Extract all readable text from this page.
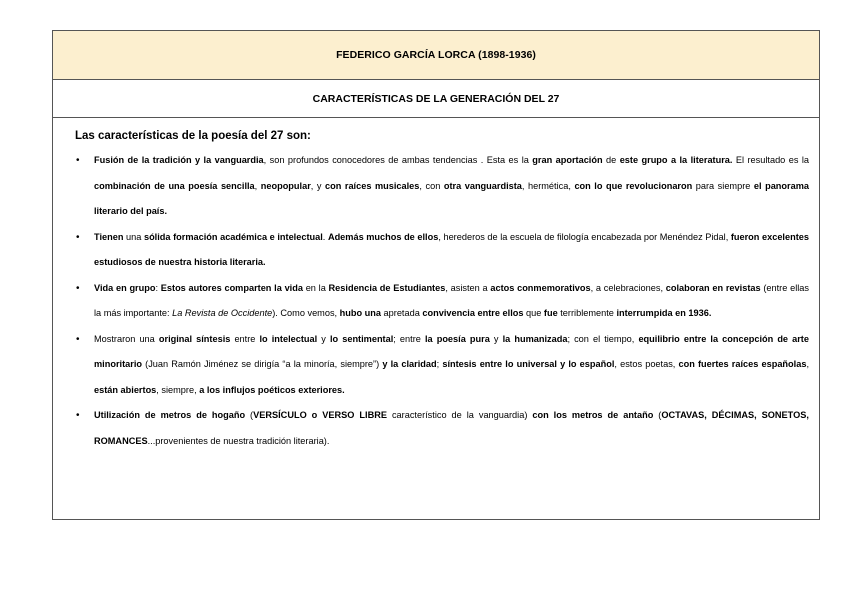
FEDERICO GARCÍA LORCA (1898-1936)
CARACTERÍSTICAS DE LA GENERACIÓN DEL 27

Las características de la poesía del 27 son:

• Fusión de la tradición y la vanguardia, son profundos conocedores de ambas tendencias . Esta es la gran aportación de este grupo a la literatura. El resultado es la combinación de una poesía sencilla, neopopular, y con raíces musicales, con otra vanguardista, hermética, con lo que revolucionaron para siempre el panorama literario del país.
• Tienen una sólida formación académica e intelectual. Además muchos de ellos, herederos de la escuela de filología encabezada por Menéndez Pidal, fueron excelentes estudiosos de nuestra historia literaria.
• Vida en grupo: Estos autores comparten la vida en la Residencia de Estudiantes, asisten a actos conmemorativos, a celebraciones, colaboran en revistas (entre ellas la más importante: La Revista de Occidente). Como vemos, hubo una apretada convivencia entre ellos que fue terriblemente interrumpida en 1936.
• Mostraron una original síntesis entre lo intelectual y lo sentimental; entre la poesía pura y la humanizada; con el tiempo, equilibrio entre la concepción de arte minoritario (Juan Ramón Jiménez se dirigía “a la minoría, siempre”) y la claridad; síntesis entre lo universal y lo español, estos poetas, con fuertes raíces españolas, están abiertos, siempre, a los influjos poéticos exteriores.
• Utilización de metros de hogaño (VERSÍCULO o VERSO LIBRE característico de la vanguardia) con los metros de antaño (OCTAVAS, DÉCIMAS, SONETOS, ROMANCES...provenientes de nuestra tradición literaria).
